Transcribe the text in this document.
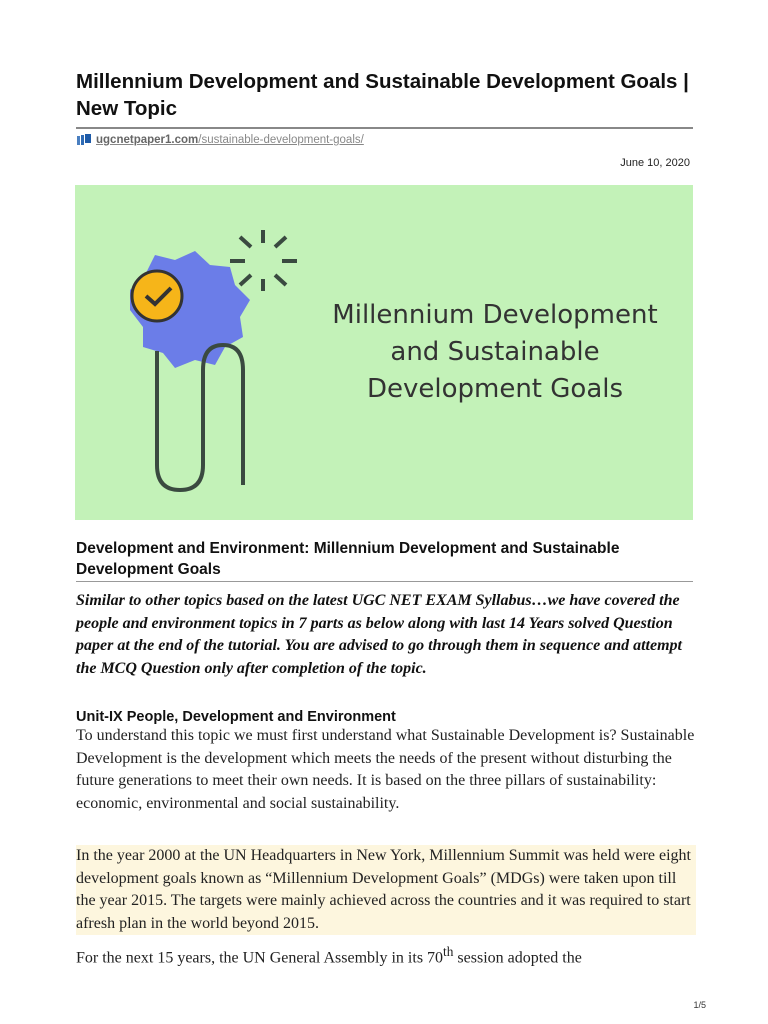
Millennium Development and Sustainable Development Goals | New Topic
ugcnetpaper1.com/sustainable-development-goals/
June 10, 2020
Millennium Development and Sustainable Development Goals
Development and Environment: Millennium Development and Sustainable Development Goals
Similar to other topics based on the latest UGC NET EXAM Syllabus…we have covered the people and environment topics in 7 parts as below along with last 14 Years solved Question paper at the end of the tutorial. You are advised to go through them in sequence and attempt the MCQ Question only after completion of the topic.
Unit-IX People, Development and Environment
To understand this topic we must first understand what Sustainable Development is? Sustainable Development is the development which meets the needs of the present without disturbing the future generations to meet their own needs. It is based on the three pillars of sustainability: economic, environmental and social sustainability.
In the year 2000 at the UN Headquarters in New York, Millennium Summit was held were eight development goals known as “Millennium Development Goals” (MDGs) were taken upon till the year 2015. The targets were mainly achieved across the countries and it was required to start afresh plan in the world beyond 2015.
For the next 15 years, the UN General Assembly in its 70th session adopted the
1/5
